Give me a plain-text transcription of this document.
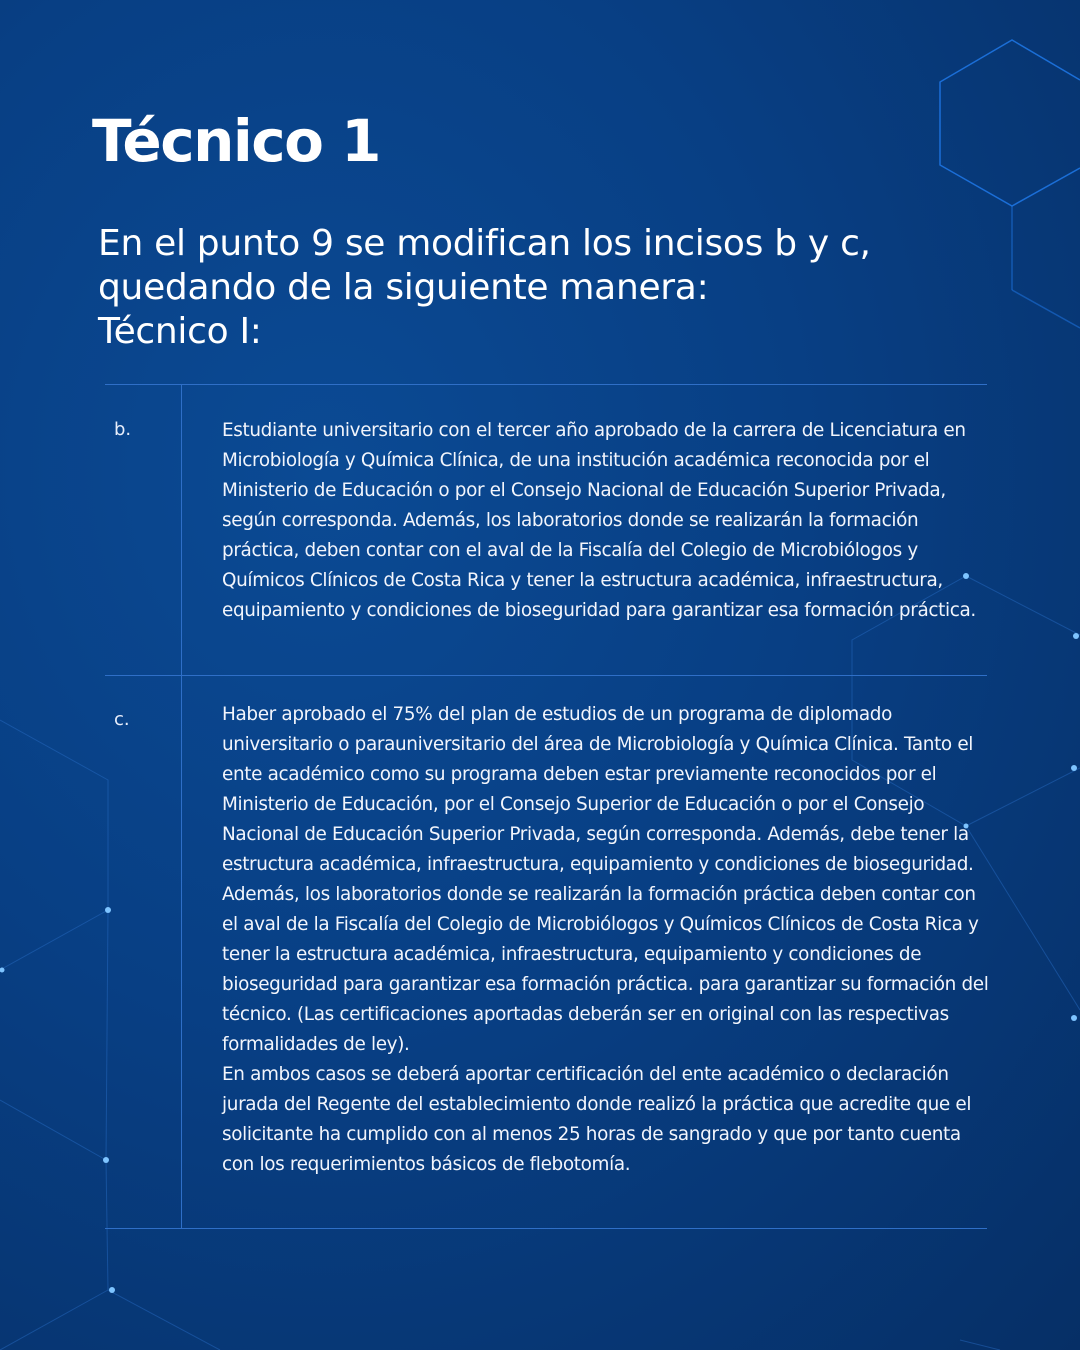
Técnico 1
En el punto 9 se modifican los incisos b y c,
quedando de la siguiente manera:
Técnico I:
b.	Estudiante universitario con el tercer año aprobado de la carrera de Licenciatura en Microbiología y Química Clínica, de una institución académica reconocida por el Ministerio de Educación o por el Consejo Nacional de Educación Superior Privada, según corresponda. Además, los laboratorios donde se realizarán la formación práctica, deben contar con el aval de la Fiscalía del Colegio de Microbiólogos y Químicos Clínicos de Costa Rica y tener la estructura académica, infraestructura, equipamiento y condiciones de bioseguridad para garantizar esa formación práctica.

c.	Haber aprobado el 75% del plan de estudios de un programa de diplomado universitario o parauniversitario del área de Microbiología y Química Clínica. Tanto el ente académico como su programa deben estar previamente reconocidos por el Ministerio de Educación, por el Consejo Superior de Educación o por el Consejo Nacional de Educación Superior Privada, según corresponda. Además, debe tener la estructura académica, infraestructura, equipamiento y condiciones de bioseguridad. Además, los laboratorios donde se realizarán la formación práctica deben contar con el aval de la Fiscalía del Colegio de Microbiólogos y Químicos Clínicos de Costa Rica y tener la estructura académica, infraestructura, equipamiento y condiciones de bioseguridad para garantizar esa formación práctica. para garantizar su formación del técnico. (Las certificaciones aportadas deberán ser en original con las respectivas formalidades de ley).

En ambos casos se deberá aportar certificación del ente académico o declaración jurada del Regente del establecimiento donde realizó la práctica que acredite que el solicitante ha cumplido con al menos 25 horas de sangrado y que por tanto cuenta con los requerimientos básicos de flebotomía.
